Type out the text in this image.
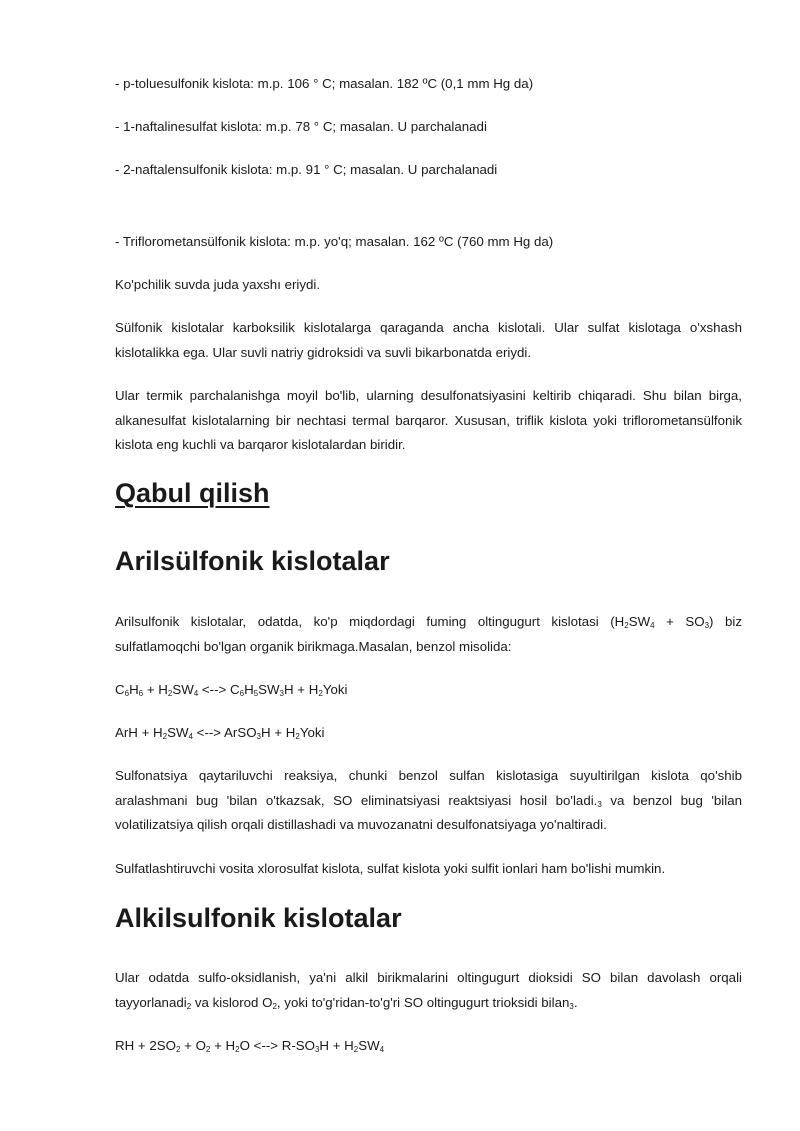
- p-toluesulfonik kislota: m.p. 106 ° C; masalan. 182 ºC (0,1 mm Hg da)

- 1-naftalinesulfat kislota: m.p. 78 ° C; masalan. U parchalanadi

- 2-naftalensulfonik kislota: m.p. 91 ° C; masalan. U parchalanadi

- Triflorometansülfonik kislota: m.p. yo'q; masalan. 162 ºC (760 mm Hg da)

Ko'pchilik suvda juda yaxshı eriydi.

Sülfonik kislotalar karboksilik kislotalarga qaraganda ancha kislotali. Ular sulfat kislotaga o'xshash kislotalikka ega. Ular suvli natriy gidroksidi va suvli bikarbonatda eriydi.

Ular termik parchalanishga moyil bo'lib, ularning desulfonatsiyasini keltirib chiqaradi. Shu bilan birga, alkanesulfat kislotalarning bir nechtasi termal barqaror. Xususan, triflik kislota yoki triflorometansülfonik kislota eng kuchli va barqaror kislotalardan biridir.

Qabul qilish
Arilsülfonik kislotalar

Arilsulfonik kislotalar, odatda, ko'p miqdordagi fuming oltingugurt kislotasi $(H_2SW_4 + SO_3)$ biz sulfatlamoqchi bo'lgan organik birikmaga.Masalan, benzol misolida:

$C_6H_6 + H_2SW_4$ <--> $C_6H_5SW_3H$ + $H_2Yoki$

ArH + $H_2SW_4$ <--> ArSO$_3$H + $H_2Yoki$

Sulfonatsiya qaytariluvchi reaksiya, chunki benzol sulfan kislotasiga suyultirilgan kislota qo'shib aralashmani bug 'bilan o'tkazsak, SO eliminatsiyasi reaktsiyasi hosil $bo'ladi._3$ va benzol bug 'bilan volatilizatsiya qilish orqali distillashadi va muvozanatni desulfonatsiyaga yo'naltiradi.

Sulfatlashtiruvchi vosita xlorosulfat kislota, sulfat kislota yoki sulfit ionlari ham bo'lishi mumkin.

Alkilsulfonik kislotalar

Ular odatda sulfo-oksidlanish, ya'ni alkil birikmalarini oltingugurt dioksidi SO bilan davolash orqali tayyorlanadi$_2$ va kislorod $O_2$, yoki to'g'ridan-to'g'ri SO oltingugurt trioksidi bilan$_3$.

RH + $2SO_2 + O_2 + H_2O$ <--> $R-SO_3H + H_2SW_4$
